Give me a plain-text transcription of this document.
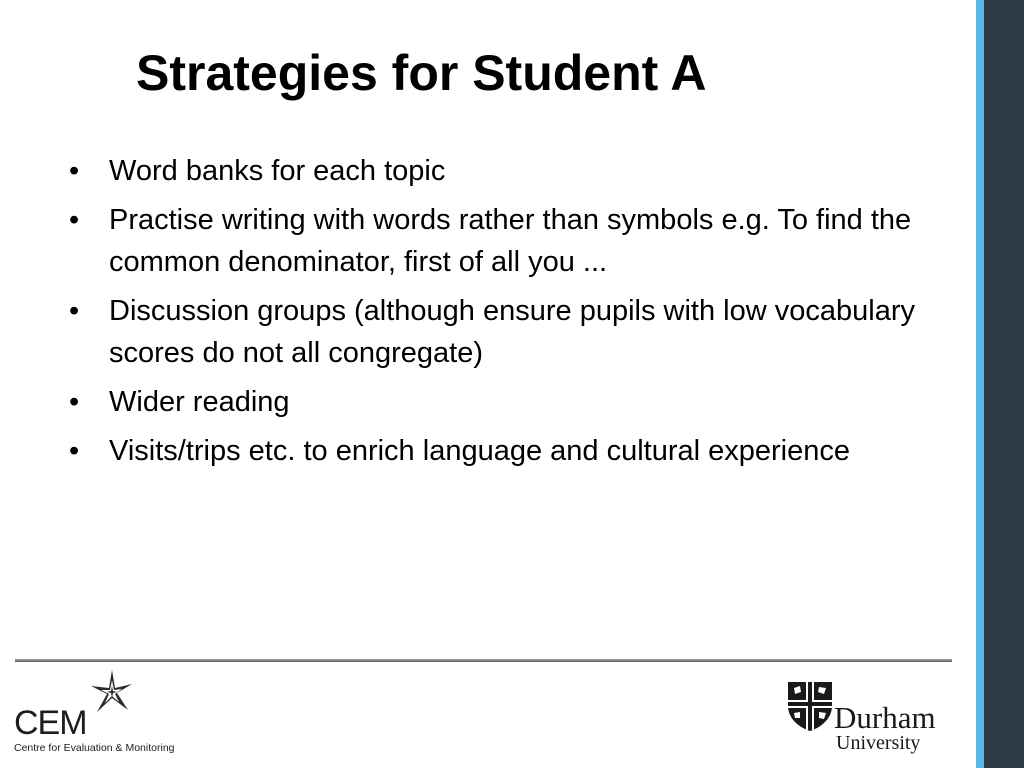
Strategies for Student A
• Word banks for each topic
• Practise writing with words rather than symbols e.g. To find the common denominator, first of all you ...
• Discussion groups (although ensure pupils with low vocabulary scores do not all congregate)
• Wider reading
• Visits/trips etc. to enrich language and cultural experience
CEM
Centre for Evaluation & Monitoring
Durham
University
